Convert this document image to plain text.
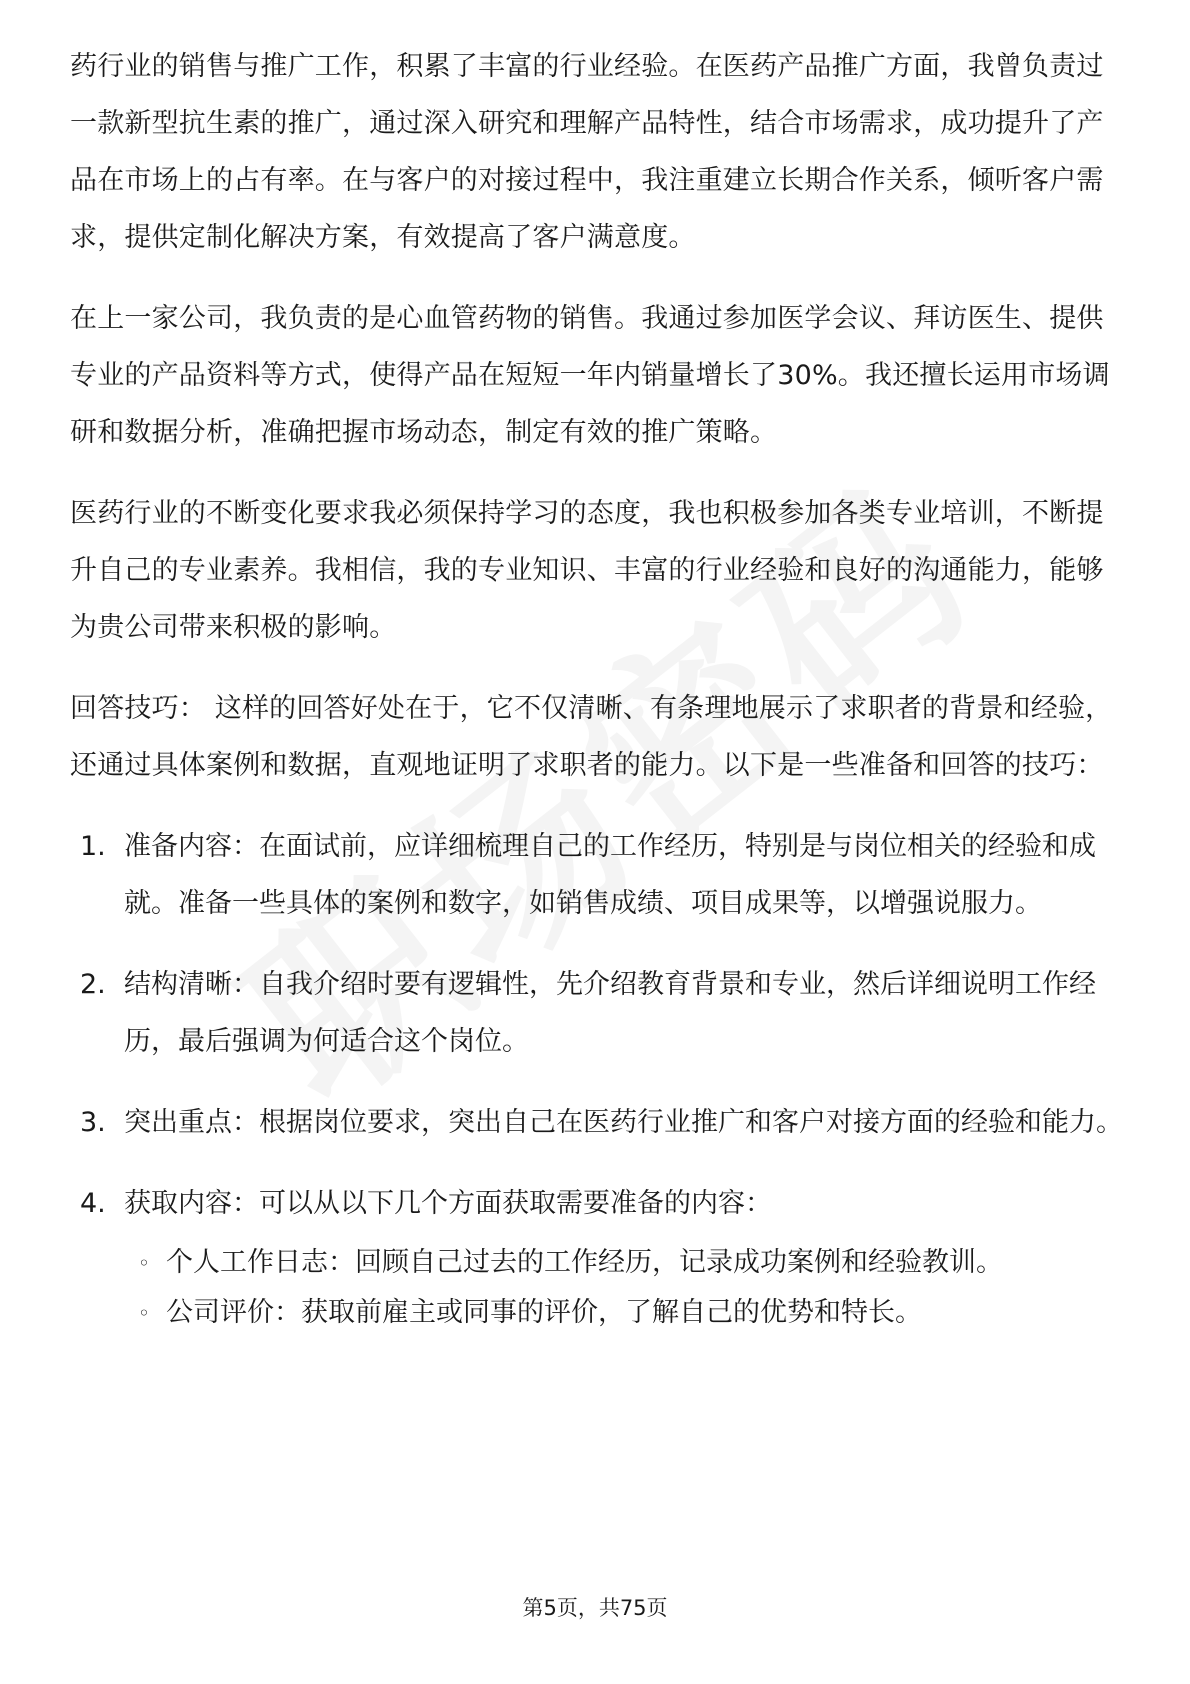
药行业的销售与推广工作，积累了丰富的行业经验。在医药产品推广方面，我曾负责过一款新型抗生素的推广，通过深入研究和理解产品特性，结合市场需求，成功提升了产品在市场上的占有率。在与客户的对接过程中，我注重建立长期合作关系，倾听客户需求，提供定制化解决方案，有效提高了客户满意度。

在上一家公司，我负责的是心血管药物的销售。我通过参加医学会议、拜访医生、提供专业的产品资料等方式，使得产品在短短一年内销量增长了30%。我还擅长运用市场调研和数据分析，准确把握市场动态，制定有效的推广策略。

医药行业的不断变化要求我必须保持学习的态度，我也积极参加各类专业培训，不断提升自己的专业素养。我相信，我的专业知识、丰富的行业经验和良好的沟通能力，能够为贵公司带来积极的影响。

回答技巧： 这样的回答好处在于，它不仅清晰、有条理地展示了求职者的背景和经验，还通过具体案例和数据，直观地证明了求职者的能力。以下是一些准备和回答的技巧：

1. 准备内容：在面试前，应详细梳理自己的工作经历，特别是与岗位相关的经验和成就。准备一些具体的案例和数字，如销售成绩、项目成果等，以增强说服力。
2. 结构清晰：自我介绍时要有逻辑性，先介绍教育背景和专业，然后详细说明工作经历，最后强调为何适合这个岗位。
3. 突出重点：根据岗位要求，突出自己在医药行业推广和客户对接方面的经验和能力。
4. 获取内容：可以从以下几个方面获取需要准备的内容：
◦ 个人工作日志：回顾自己过去的工作经历，记录成功案例和经验教训。
◦ 公司评价：获取前雇主或同事的评价，了解自己的优势和特长。
第5页，共75页
